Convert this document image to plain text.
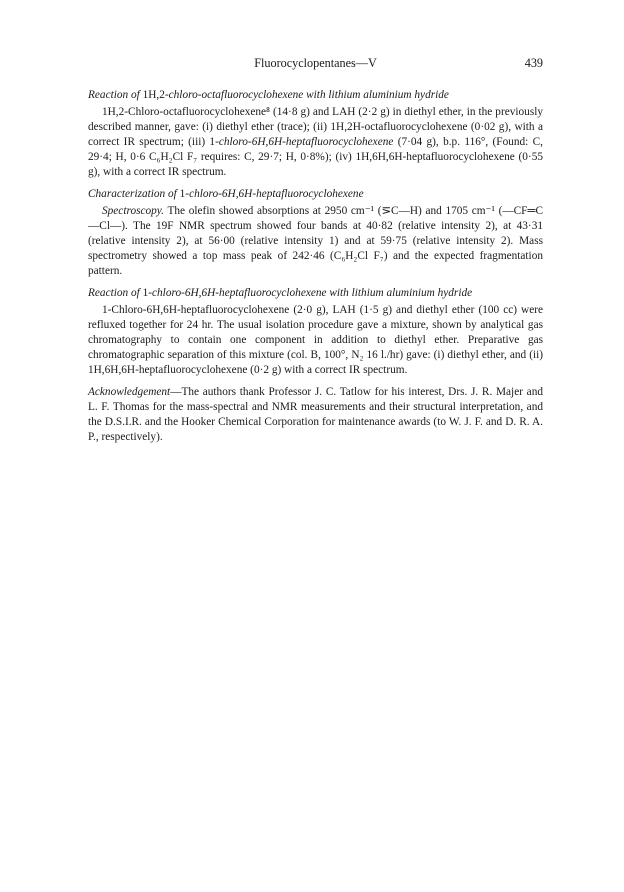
Fluorocyclopentanes—V	439

Reaction of 1H,2-chloro-octafluorocyclohexene with lithium aluminium hydride

1H,2-Chloro-octafluorocyclohexene⁸ (14·8 g) and LAH (2·2 g) in diethyl ether, in the previously described manner, gave: (i) diethyl ether (trace); (ii) 1H,2H-octafluorocyclohexene (0·02 g), with a correct IR spectrum; (iii) 1-chloro-6H,6H-heptafluorocyclohexene (7·04 g), b.p. 116°, (Found: C, 29·4; H, 0·6 C₆H₂Cl F₇ requires: C, 29·7; H, 0·8%); (iv) 1H,6H,6H-heptafluorocyclohexene (0·55 g), with a correct IR spectrum.

Characterization of 1-chloro-6H,6H-heptafluorocyclohexene

Spectroscopy. The olefin showed absorptions at 2950 cm⁻¹ (⋝C—H) and 1705 cm⁻¹ (—CF═C—Cl—). The 19F NMR spectrum showed four bands at 40·82 (relative intensity 2), at 43·31 (relative intensity 2), at 56·00 (relative intensity 1) and at 59·75 (relative intensity 2). Mass spectrometry showed a top mass peak of 242·46 (C₆H₂Cl F₇) and the expected fragmentation pattern.

Reaction of 1-chloro-6H,6H-heptafluorocyclohexene with lithium aluminium hydride

1-Chloro-6H,6H-heptafluorocyclohexene (2·0 g), LAH (1·5 g) and diethyl ether (100 cc) were refluxed together for 24 hr. The usual isolation procedure gave a mixture, shown by analytical gas chromatography to contain one component in addition to diethyl ether. Preparative gas chromatographic separation of this mixture (col. B, 100°, N₂ 16 l./hr) gave: (i) diethyl ether, and (ii) 1H,6H,6H-heptafluorocyclohexene (0·2 g) with a correct IR spectrum.

Acknowledgement—The authors thank Professor J. C. Tatlow for his interest, Drs. J. R. Majer and L. F. Thomas for the mass-spectral and NMR measurements and their structural interpretation, and the D.S.I.R. and the Hooker Chemical Corporation for maintenance awards (to W. J. F. and D. R. A. P., respectively).
